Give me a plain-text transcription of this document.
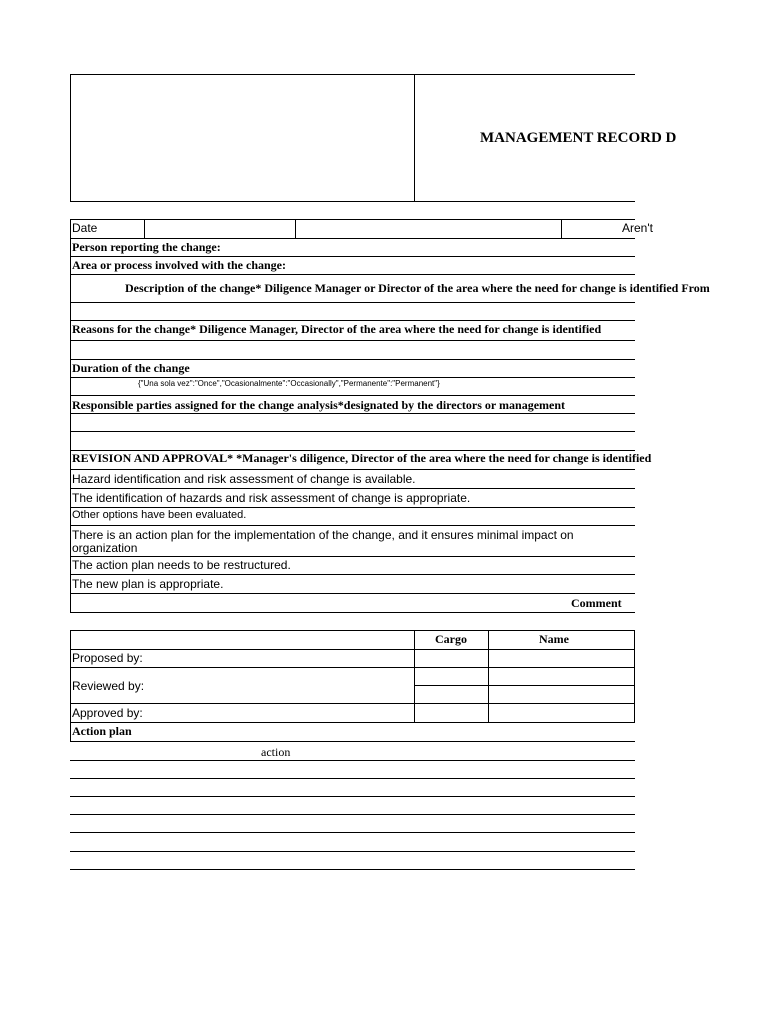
MANAGEMENT RECORD D
Date	Aren't
Person reporting the change:
Area or process involved with the change:
Description of the change* Diligence Manager or Director of the area where the need for change is identified From
Reasons for the change* Diligence Manager, Director of the area where the need for change is identified
Duration of the change
{"Una sola vez":"Once","Ocasionalmente":"Occasionally","Permanente":"Permanent"}
Responsible parties assigned for the change analysis*designated by the directors or management
REVISION AND APPROVAL* *Manager's diligence, Director of the area where the need for change is identified
Hazard identification and risk assessment of change is available.
The identification of hazards and risk assessment of change is appropriate.
Other options have been evaluated.
There is an action plan for the implementation of the change, and it ensures minimal impact on
organization
The action plan needs to be restructured.
The new plan is appropriate.
Comment
Cargo	Name
Proposed by:
Reviewed by:
Approved by:
Action plan
action
